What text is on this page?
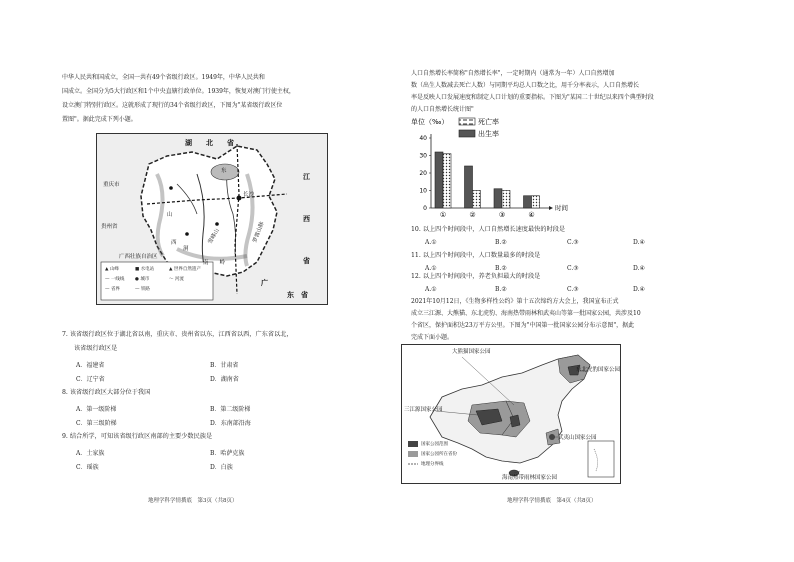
中华人民共和国成立，全国一共有49个省级行政区。1949年，中华人民共和
国成立。全国分为5大行政区和1个中央直辖行政单位。1939年，恢复对澳门行使主权，
设立澳门特别行政区。这就形成了现行的34个省级行政区，下图为"某省级行政区位
置图"。据此完成下列小题。
湖　　北　　省
重庆市
贵州省
广西壮族自治区
江
西
省
广
东　省
长沙
东
洞
雪峰山
山
罗霄山脉
南　　岭
西
▲ 山峰	■ 水电站	▲ 世界自然遗产
— 一线线 ● 城市	～ 河流
— 省界	— 铁路
7. 该省级行政区位于湖北省以南，重庆市、贵州省以东，江西省以西，广东省以北，
该省级行政区是
A．福建省	B．甘肃省
C．辽宁省	D．湖南省
8. 该省级行政区大部分位于我国
A．第一级阶梯	B．第二级阶梯
C．第三级阶梯	D．东南部沿海
9. 结合所学，可知该省级行政区南部的主要少数民族是
A．土家族	B．哈萨克族
C．瑶族	D．白族
地理学科学情撰底　第3页（共8页）
人口自然增长率简称"自然增长率"，一定时期内（通常为一年）人口自然增加
数（出生人数减去死亡人数）与同期平均总人口数之比，用千分率表示，人口自然增长
率是反映人口发展速度和制定人口计划的重要指标。下图为"某国二十世纪以来四个典型时段
的人口自然增长统计图"
单位（‰）
时间
0
10
20
30
40
①	②	③	④
死亡率
出生率
10. 以上四个时间段中，人口自然增长速度最快的时段是
A.①	B.②	C.③	D.④
11. 以上四个时间段中，人口数量最多的时段是
A.①	B.②	C.③	D.④
12. 以上四个时间段中，养老负担最大的时段是
A.①	B.②	C.③	D.④
2021年10月12日，《生物多样性公约》第十五次缔约方大会上，我国宣布正式
成立三江源、大熊猫、东北虎豹、海南热带雨林和武夷山等第一批国家公园，共涉及10
个省区，保护面积达23万平方公里。下图为"中国第一批国家公园分布示意图"，据此
完成下面小题。
大熊猫国家公园
东北虎豹国家公园
三江源国家公园
武夷山国家公园
海南热带雨林国家公园
国家公园范围
国家公园所在省份
地理分界线
地理学科学情撰底　第4页（共8页）
